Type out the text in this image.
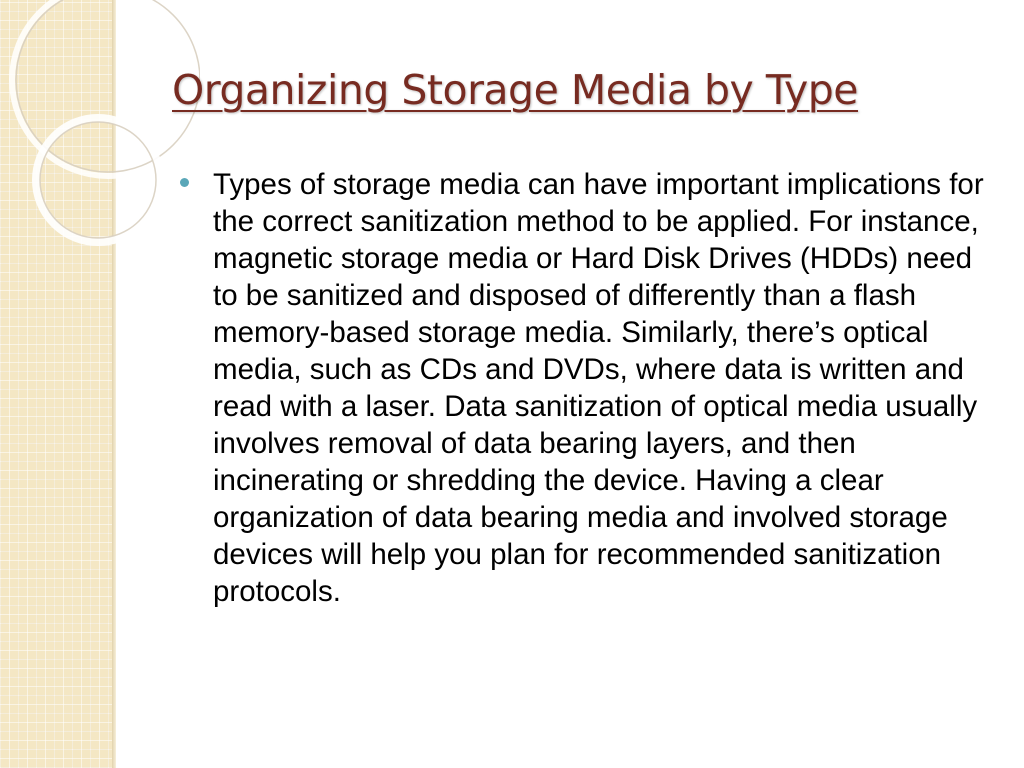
Organizing Storage Media by Type

Types of storage media can have important implications for the correct sanitization method to be applied. For instance, magnetic storage media or Hard Disk Drives (HDDs) need to be sanitized and disposed of differently than a flash memory-based storage media. Similarly, there’s optical media, such as CDs and DVDs, where data is written and read with a laser. Data sanitization of optical media usually involves removal of data bearing layers, and then incinerating or shredding the device. Having a clear organization of data bearing media and involved storage devices will help you plan for recommended sanitization protocols.
